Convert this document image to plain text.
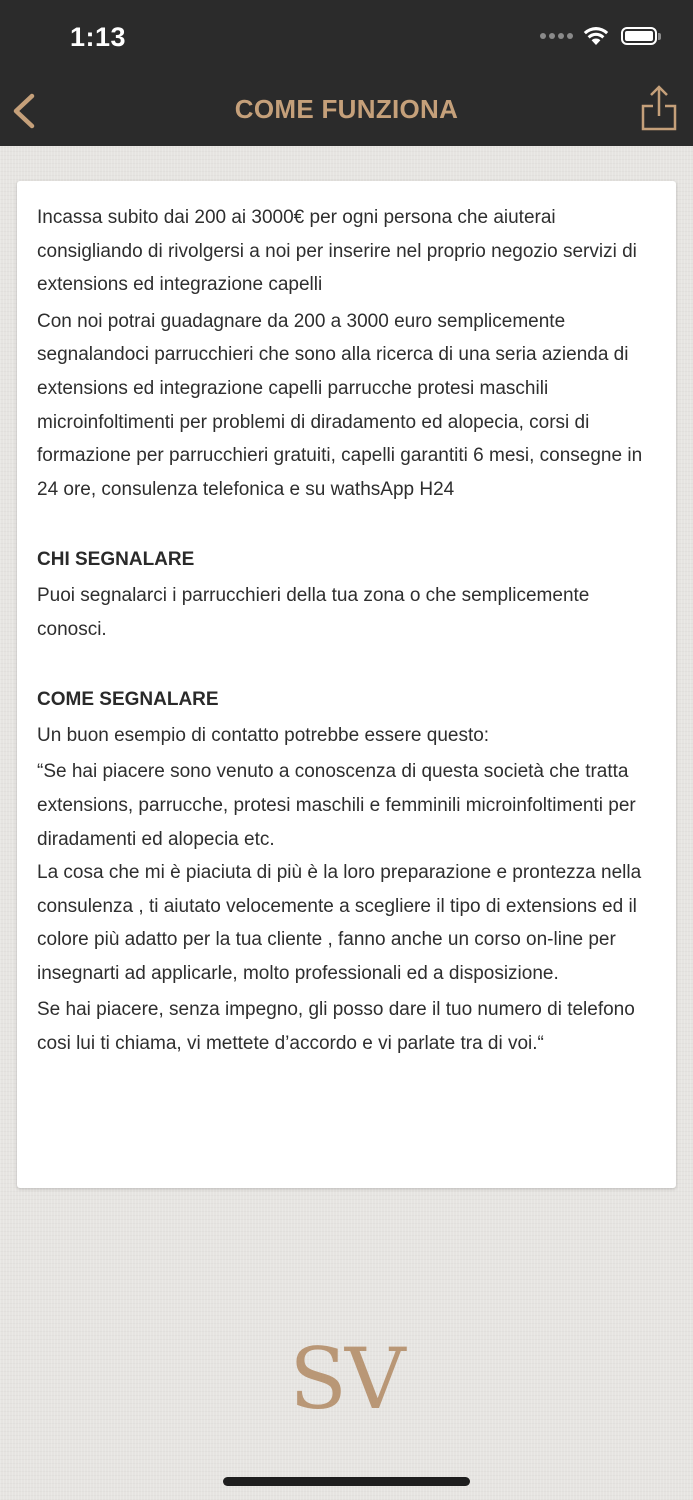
1:13
COME FUNZIONA

Incassa subito dai 200 ai 3000€ per ogni persona che aiuterai consigliando di rivolgersi a noi per inserire nel proprio negozio servizi di extensions ed integrazione capelli

Con noi potrai guadagnare da 200 a 3000 euro semplicemente segnalandoci parrucchieri che sono alla ricerca di una seria azienda di extensions ed integrazione capelli parrucche protesi maschili microinfoltimenti per problemi di diradamento ed alopecia, corsi di formazione per parrucchieri gratuiti, capelli garantiti 6 mesi, consegne in 24 ore, consulenza telefonica e su wathsApp H24

CHI SEGNALARE

Puoi segnalarci i parrucchieri della tua zona o che semplicemente conosci.

COME SEGNALARE

Un buon esempio di contatto potrebbe essere questo:

“Se hai piacere sono venuto a conoscenza di questa società che tratta extensions, parrucche, protesi maschili e femminili microinfoltimenti per diradamenti ed alopecia etc.

La cosa che mi è piaciuta di più è la loro preparazione e prontezza nella consulenza , ti aiutato velocemente a scegliere il tipo di extensions ed il colore più adatto per la tua cliente , fanno anche un corso on-line per insegnarti ad applicarle, molto professionali ed a disposizione.

Se hai piacere, senza impegno, gli posso dare il tuo numero di telefono cosi lui ti chiama, vi mettete d’accordo e vi parlate tra di voi.“

SV
